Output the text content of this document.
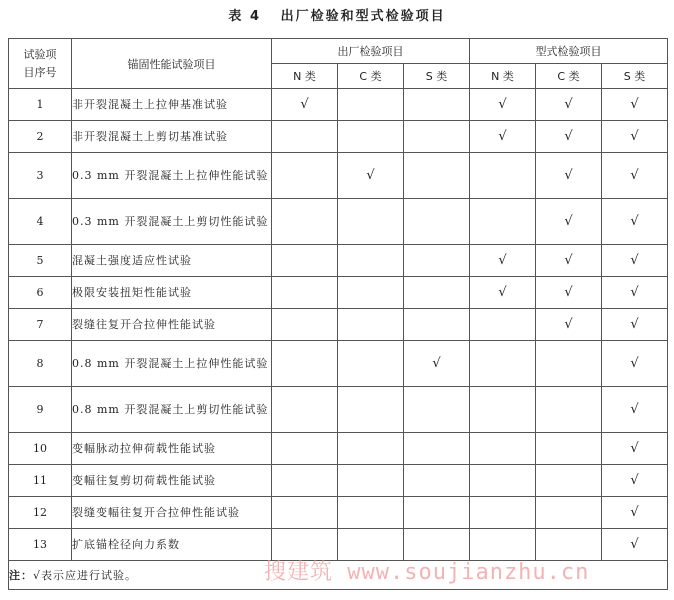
表 4   出厂检验和型式检验项目
试验项
目序号	锚固性能试验项目	出厂检验项目			型式检验项目		
		N 类	C 类	S 类	N 类	C 类	S 类
1	非开裂混凝土上拉伸基准试验	√			√	√	√
2	非开裂混凝土上剪切基准试验				√	√	√
3	0.3 mm 开裂混凝土上拉伸性能试验		√			√	√
4	0.3 mm 开裂混凝土上剪切性能试验					√	√
5	混凝土强度适应性试验				√	√	√
6	极限安装扭矩性能试验				√	√	√
7	裂缝往复开合拉伸性能试验					√	√
8	0.8 mm 开裂混凝土上拉伸性能试验			√			√
9	0.8 mm 开裂混凝土上剪切性能试验						√
10	变幅脉动拉伸荷载性能试验						√
11	变幅往复剪切荷载性能试验						√
12	裂缝变幅往复开合拉伸性能试验						√
13	扩底锚栓径向力系数						√
注：√表示应进行试验。								搜建筑 www.soujianzhu.cn
